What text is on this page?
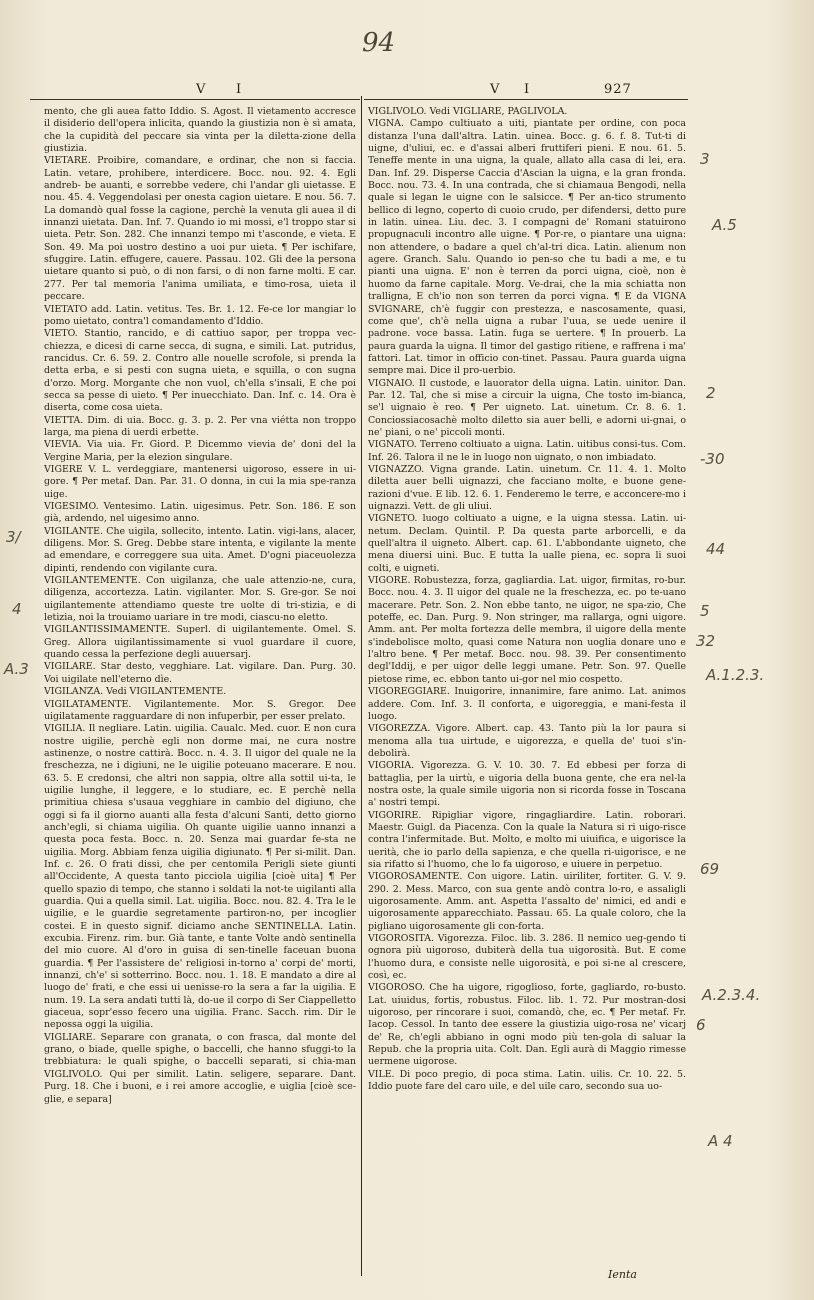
94
V I	V I	927

mento, che gli auea fatto Iddio. S. Agost. Il vietamento accresce il disiderio dell'opera inlicita, quando la giustizia non è sì amata, che la cupidità del peccare sia vinta per la diletta-zione della giustizia.

VIETARE. Proibire, comandare, e ordinar, che non si faccia. Latin. vetare, prohibere, interdicere. Bocc. nou. 92. 4. Egli andreb- be auanti, e sorrebbe vedere, chi l'andar gli uietasse. E nou. 45. 4. Veggendolasi per onesta cagion uietare. E nou. 56. 7. La domandò qual fosse la cagione, perchè la venuta gli auea il di innanzi uietata. Dan. Inf. 7. Quando io mi mossi, e'l troppo star si uieta. Petr. Son. 282. Che innanzi tempo mi t'asconde, e vieta. E Son. 49. Ma poi uostro destino a uoi pur uieta. ¶ Per ischifare, sfuggire. Latin. effugere, cauere. Passau. 102. Gli dee la persona uietare quanto si può, o di non farsi, o di non farne molti. E car. 277. Per tal memoria l'anima umiliata, e timo-rosa, uieta il peccare.

VIETATO add. Latin. vetitus. Tes. Br. 1. 12. Fe-ce lor mangiar lo pomo uietato, contra'l comandamento d'Iddio.

VIETO. Stantio, rancido, e di cattiuo sapor, per troppa vec-chiezza, e dicesi di carne secca, di sugna, e simili. Lat. putridus, rancidus. Cr. 6. 59. 2. Contro alle nouelle scrofole, si prenda la detta erba, e si pesti con sugna uieta, e squilla, o con sugna d'orzo. Morg. Morgante che non vuol, ch'ella s'insali, E che poi secca sa pesse di uieto. ¶ Per inuecchiato. Dan. Inf. c. 14. Ora è diserta, come cosa uieta.

VIETTA. Dim. di uia. Bocc. g. 3. p. 2. Per vna viétta non troppo larga, ma piena di uerdi erbette.

VIEVIA. Via uia. Fr. Giord. P. Dicemmo vievia de' doni del la Vergine Maria, per la elezion singulare.

VIGERE V. L. verdeggiare, mantenersi uigoroso, essere in ui-gore. ¶ Per metaf. Dan. Par. 31. O donna, in cui la mia spe-ranza uige.

VIGESIMO. Ventesimo. Latin. uigesimus. Petr. Son. 186. E son già, ardendo, nel uigesimo anno.

VIGILANTE. Che uigila, sollecito, intento. Latin. vigi-lans, alacer, diligens. Mor. S. Greg. Debbe stare intenta, e vigilante la mente ad emendare, e correggere sua uita. Amet. D'ogni piaceuolezza dipinti, rendendo con vigilante cura.

VIGILANTEMENTE. Con uigilanza, che uale attenzio-ne, cura, diligenza, accortezza. Latin. vigilanter. Mor. S. Gre-gor. Se noi uigilantemente attendiamo queste tre uolte di tri-stizia, e di letizia, noi la trouiamo uariare in tre modi, ciascu-no eletto.

VIGILANTISSIMAMENTE. Superl. di uigilantemente. Omel. S. Greg. Allora uigilantissimamente si vuol guardare il cuore, quando cessa la perfezione degli auuersarj.

VIGILARE. Star desto, vegghiare. Lat. vigilare. Dan. Purg. 30. Voi uigilate nell'eterno dìe.

VIGILANZA. Vedi VIGILANTEMENTE.

VIGILATAMENTE. Vigilantemente. Mor. S. Gregor. Dee uigilatamente ragguardare di non infuperbir, per esser prelato.

VIGILIA. Il negliare. Latin. uigilia. Caualc. Med. cuor. E non cura nostre uigilie, perchè egli non dorme mai, ne cura nostre astinenze, o nostre cattirà. Bocc. n. 4. 3. Il uigor del quale ne la freschezza, ne i digiuni, ne le uigilie poteuano macerare. E nou. 63. 5. E credonsi, che altri non sappia, oltre alla sottil ui-ta, le uigilie lunghe, il leggere, e lo studiare, ec. E perchè nella primitiua chiesa s'usaua vegghiare in cambio del digiuno, che oggi si fa il giorno auanti alla festa d'alcuni Santi, detto giorno anch'egli, si chiama uigilia. Oh quante uigilie uanno innanzi a questa poca festa. Bocc. n. 20. Senza mai guardar fe-sta ne uigilia. Morg. Abbiam fenza uigilia digiunato. ¶ Per si-milit. Dan. Inf. c. 26. O frati dissi, che per centomila Perigli siete giunti all'Occidente, A questa tanto picciola uigilia [cioè uita] ¶ Per quello spazio di tempo, che stanno i soldati la not-te uigilanti alla guardia. Qui a quella simil. Lat. uigilia. Bocc. nou. 82. 4. Tra le le uigilie, e le guardie segretamente partiron-no, per incoglier costei. E in questo signif. diciamo anche SENTINELLA. Latin. excubia. Firenz. rim. bur. Già tante, e tante Volte andò sentinella del mio cuore. Al d'oro in guisa di sen-tinelle faceuan buona guardia. ¶ Per l'assistere de' religiosi in-torno a' corpi de' morti, innanzi, ch'e' si sotterrino. Bocc. nou. 1. 18. E mandato a dire al luogo de' frati, e che essi ui uenisse-ro la sera a far la uigilia. E num. 19. La sera andati tutti là, do-ue il corpo di Ser Ciappelletto giaceua, sopr'esso fecero una uigilia. Franc. Sacch. rim. Dir le nepossa oggi la uigilia.

VIGLIARE. Separare con granata, o con frasca, dal monte del grano, o biade, quelle spighe, o baccelli, che hanno sfuggi-to la trebbiatura: le quali spighe, o baccelli separati, si chia-man VIGLIVOLO. Qui per similit. Latin. seligere, separare. Dant. Purg. 18. Che i buoni, e i rei amore accoglie, e uiglia [cioè sce-glie, e separa]

VIGLIVOLO. Vedi VIGLIARE, PAGLIVOLA.

VIGNA. Campo cultiuato a uiti, piantate per ordine, con poca distanza l'una dall'altra. Latin. uinea. Bocc. g. 6. f. 8. Tut-ti di uigne, d'uliui, ec. e d'assai alberi fruttiferi pieni. E nou. 61. 5. Teneffe mente in una uigna, la quale, allato alla casa di lei, era. Dan. Inf. 29. Disperse Caccia d'Ascian la uigna, e la gran fronda. Bocc. nou. 73. 4. In una contrada, che si chiamaua Bengodi, nella quale si legan le uigne con le salsicce. ¶ Per an-tico strumento bellico di legno, coperto di cuoio crudo, per difendersi, detto pure in latin. uinea. Liu. dec. 3. I compagni de' Romani statuirono propugnaculi incontro alle uigne. ¶ Por-re, o piantare una uigna: non attendere, o badare a quel ch'al-tri dica. Latin. alienum non agere. Granch. Salu. Quando io pen-so che tu badi a me, e tu pianti una uigna. E' non è terren da porci uigna, cioè, non è huomo da farne capitale. Morg. Ve-drai, che la mia schiatta non tralligna, E ch'io non son terren da porci vigna. ¶ E da VIGNA SVIGNARE, ch'è fuggir con prestezza, e nascosamente, quasi, come que', ch'è nella uigna a rubar l'uua, se uede uenire il padrone. voce bassa. Latin. fuga se uertere. ¶ In prouerb. La paura guarda la uigna. Il timor del gastigo ritiene, e raffrena i ma' fattori. Lat. timor in officio con-tinet. Passau. Paura guarda uigna sempre mai. Dice il pro-uerbio.

VIGNAIO. Il custode, e lauorator della uigna. Latin. uinitor. Dan. Par. 12. Tal, che si mise a circuir la uigna, Che tosto im-bianca, se'l uignaio è reo. ¶ Per uigneto. Lat. uinetum. Cr. 8. 6. 1. Conciossiacosachè molto diletto sia auer belli, e adorni ui-gnai, o ne' piani, o ne' piccoli monti.

VIGNATO. Terreno coltiuato a uigna. Latin. uitibus consi-tus. Com. Inf. 26. Talora il ne le in luogo non uignato, o non imbiadato.

VIGNAZZO. Vigna grande. Latin. uinetum. Cr. 11. 4. 1. Molto diletta auer belli uignazzi, che facciano molte, e buone gene-razioni d'vue. E lib. 12. 6. 1. Fenderemo le terre, e acconcere-mo i uignazzi. Vett. de gli uliui.

VIGNETO. luogo coltiuato a uigne, e la uigna stessa. Latin. ui-netum. Declam. Quintil. P. Da questa parte arborcelli, e da quell'altra il uigneto. Albert. cap. 61. L'abbondante uigneto, che mena diuersi uini. Buc. E tutta la ualle piena, ec. sopra li suoi colti, e uigneti.

VIGORE. Robustezza, forza, gagliardia. Lat. uigor, firmitas, ro-bur. Bocc. nou. 4. 3. Il uigor del quale ne la freschezza, ec. po te-uano macerare. Petr. Son. 2. Non ebbe tanto, ne uigor, ne spa-zio, Che poteffe, ec. Dan. Purg. 9. Non stringer, ma rallarga, ogni uigore. Amm. ant. Per molta fortezza delle membra, il uigore della mente s'indebolisce molto, quasi come Natura non uoglia donare uno e l'altro bene. ¶ Per metaf. Bocc. nou. 98. 39. Per consentimento degl'Iddij, e per uigor delle leggi umane. Petr. Son. 97. Quelle pietose rime, ec. ebbon tanto ui-gor nel mio cospetto.

VIGOREGGIARE. Inuigorire, innanimire, fare animo. Lat. animos addere. Com. Inf. 3. Il conforta, e uigoreggia, e mani-festa il luogo.

VIGOREZZA. Vigore. Albert. cap. 43. Tanto più la lor paura si menoma alla tua uirtude, e uigorezza, e quella de' tuoi s'in-debolirà.

VIGORIA. Vigorezza. G. V. 10. 30. 7. Ed ebbesi per forza di battaglia, per la uirtù, e uigoria della buona gente, che era nel-la nostra oste, la quale simile uigoria non si ricorda fosse in Toscana a' nostri tempi.

VIGORIRE. Ripigliar vigore, ringagliardire. Latin. roborari. Maestr. Guigl. da Piacenza. Con la quale la Natura si ri uigo-risce contra l'infermitade. But. Molto, e molto mi uiuifica, e uigorisce la uerità, che io parlo della sapienza, e che quella ri-uigorisce, e ne sia rifatto si l'huomo, che lo fa uigoroso, e uiuere in perpetuo.

VIGOROSAMENTE. Con uigore. Latin. uiriliter, fortiter. G. V. 9. 290. 2. Mess. Marco, con sua gente andò contra lo-ro, e assaligli uigorosamente. Amm. ant. Aspetta l'assalto de' nimici, ed andi e uigorosamente apparecchiato. Passau. 65. La quale coloro, che la pigliano uigorosamente gli con-forta.

VIGOROSITA. Vigorezza. Filoc. lib. 3. 286. Il nemico ueg-gendo ti ognora più uigoroso, dubiterà della tua uigorosità. But. E come l'huomo dura, e consiste nelle uigorosità, e poi si-ne al crescere, così, ec.

VIGOROSO. Che ha uigore, rigoglioso, forte, gagliardo, ro-busto. Lat. uiuidus, fortis, robustus. Filoc. lib. 1. 72. Pur mostran-dosi uigoroso, per rincorare i suoi, comandò, che, ec. ¶ Per metaf. Fr. Iacop. Cessol. In tanto dee essere la giustizia uigo-rosa ne' vicarj de' Re, ch'egli abbiano in ogni modo più ten-gola di saluar la Repub. che la propria uita. Colt. Dan. Egli aurà di Maggio rimesse uermene uigorose.

VILE. Di poco pregio, di poca stima. Latin. uilis. Cr. 10. 22. 5. Iddio puote fare del caro uile, e del uile caro, secondo sua uo-

Ienta
3
A.5
2
-30
44
5
32
A.1.2.3.
69
A.2.3.4.
6
A 4
3/
4
A.3
